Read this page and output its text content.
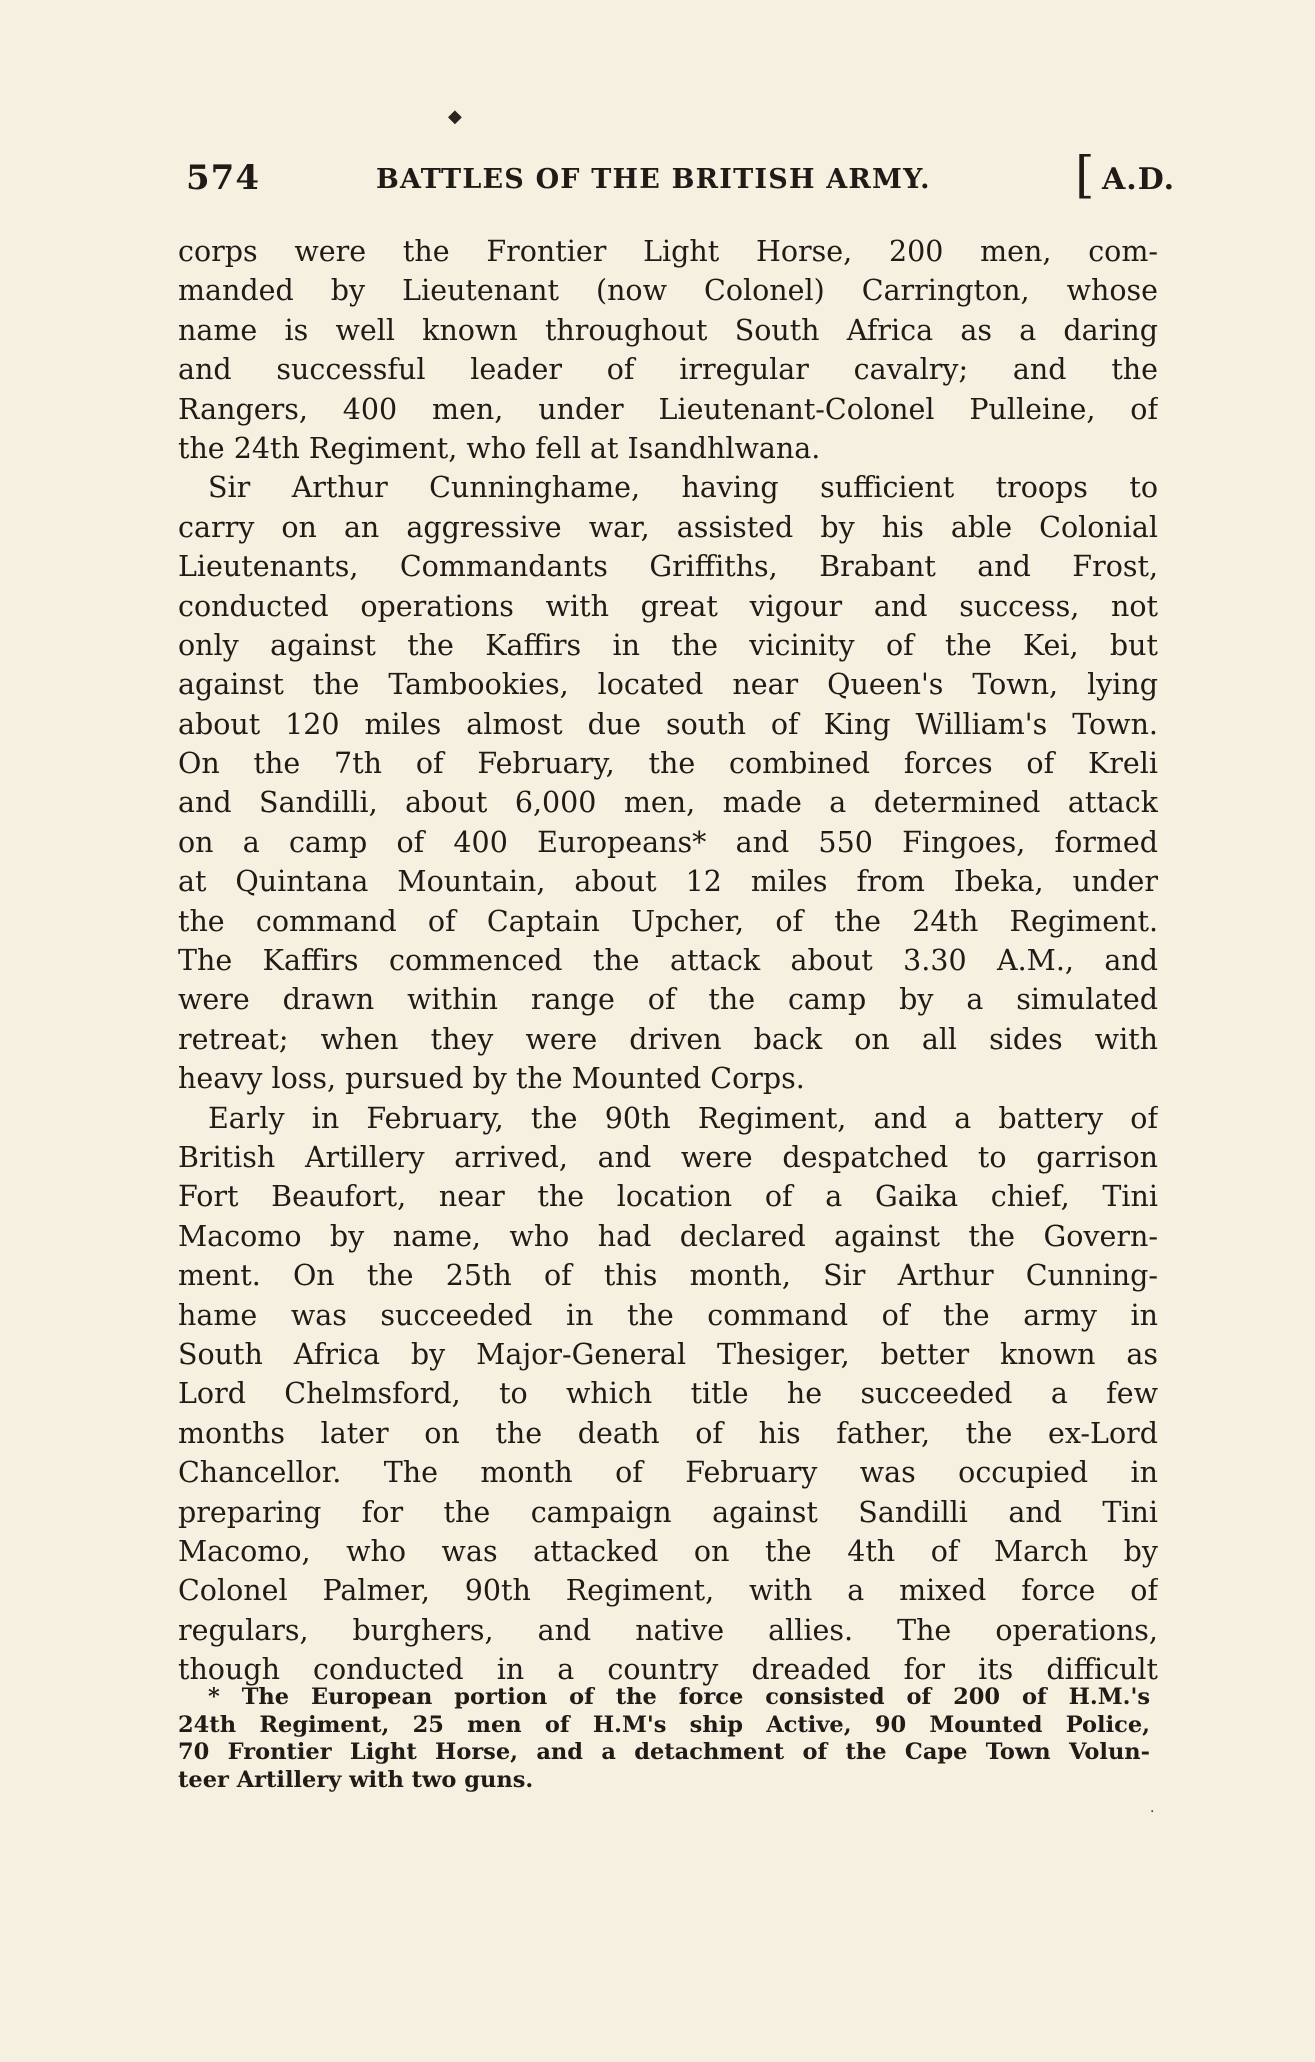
◆
574	BATTLES OF THE BRITISH ARMY.	[ A.D.
corps were the Frontier Light Horse, 200 men, com-
manded by Lieutenant (now Colonel) Carrington, whose
name is well known throughout South Africa as a daring
and successful leader of irregular cavalry; and the
Rangers, 400 men, under Lieutenant-Colonel Pulleine, of
the 24th Regiment, who fell at Isandhlwana.
Sir Arthur Cunninghame, having sufficient troops to
carry on an aggressive war, assisted by his able Colonial
Lieutenants, Commandants Griffiths, Brabant and Frost,
conducted operations with great vigour and success, not
only against the Kaffirs in the vicinity of the Kei, but
against the Tambookies, located near Queen's Town, lying
about 120 miles almost due south of King William's Town.
On the 7th of February, the combined forces of Kreli
and Sandilli, about 6,000 men, made a determined attack
on a camp of 400 Europeans* and 550 Fingoes, formed
at Quintana Mountain, about 12 miles from Ibeka, under
the command of Captain Upcher, of the 24th Regiment.
The Kaffirs commenced the attack about 3.30 A.M., and
were drawn within range of the camp by a simulated
retreat; when they were driven back on all sides with
heavy loss, pursued by the Mounted Corps.
Early in February, the 90th Regiment, and a battery of
British Artillery arrived, and were despatched to garrison
Fort Beaufort, near the location of a Gaika chief, Tini
Macomo by name, who had declared against the Govern-
ment. On the 25th of this month, Sir Arthur Cunning-
hame was succeeded in the command of the army in
South Africa by Major-General Thesiger, better known as
Lord Chelmsford, to which title he succeeded a few
months later on the death of his father, the ex-Lord
Chancellor. The month of February was occupied in
preparing for the campaign against Sandilli and Tini
Macomo, who was attacked on the 4th of March by
Colonel Palmer, 90th Regiment, with a mixed force of
regulars, burghers, and native allies. The operations,
though conducted in a country dreaded for its difficult
* The European portion of the force consisted of 200 of H.M.'s
24th Regiment, 25 men of H.M's ship Active, 90 Mounted Police,
70 Frontier Light Horse, and a detachment of the Cape Town Volun-
teer Artillery with two guns.
.
